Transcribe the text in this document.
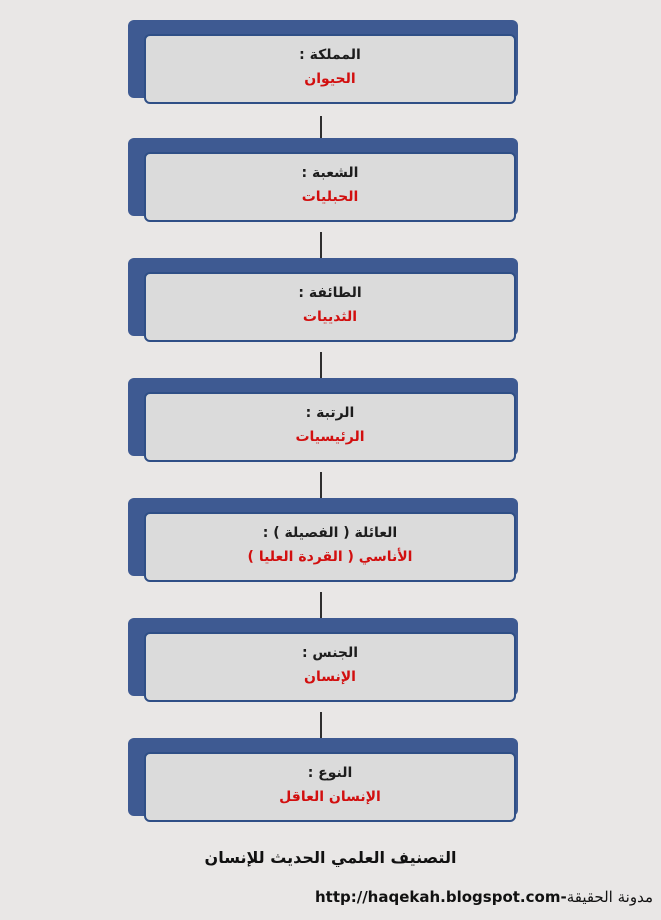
المملكة :
الحيوان
الشعبة :
الحبليات
الطائفة :
الثدييات
الرتبة :
الرئيسيات
العائلة ( الفصيلة ) :
الأناسي ( القردة العليا )
الجنس :
الإنسان
النوع :
الإنسان العاقل
التصنيف العلمي الحديث للإنسان
http://haqekah.blogspot.com-مدونة الحقيقة
